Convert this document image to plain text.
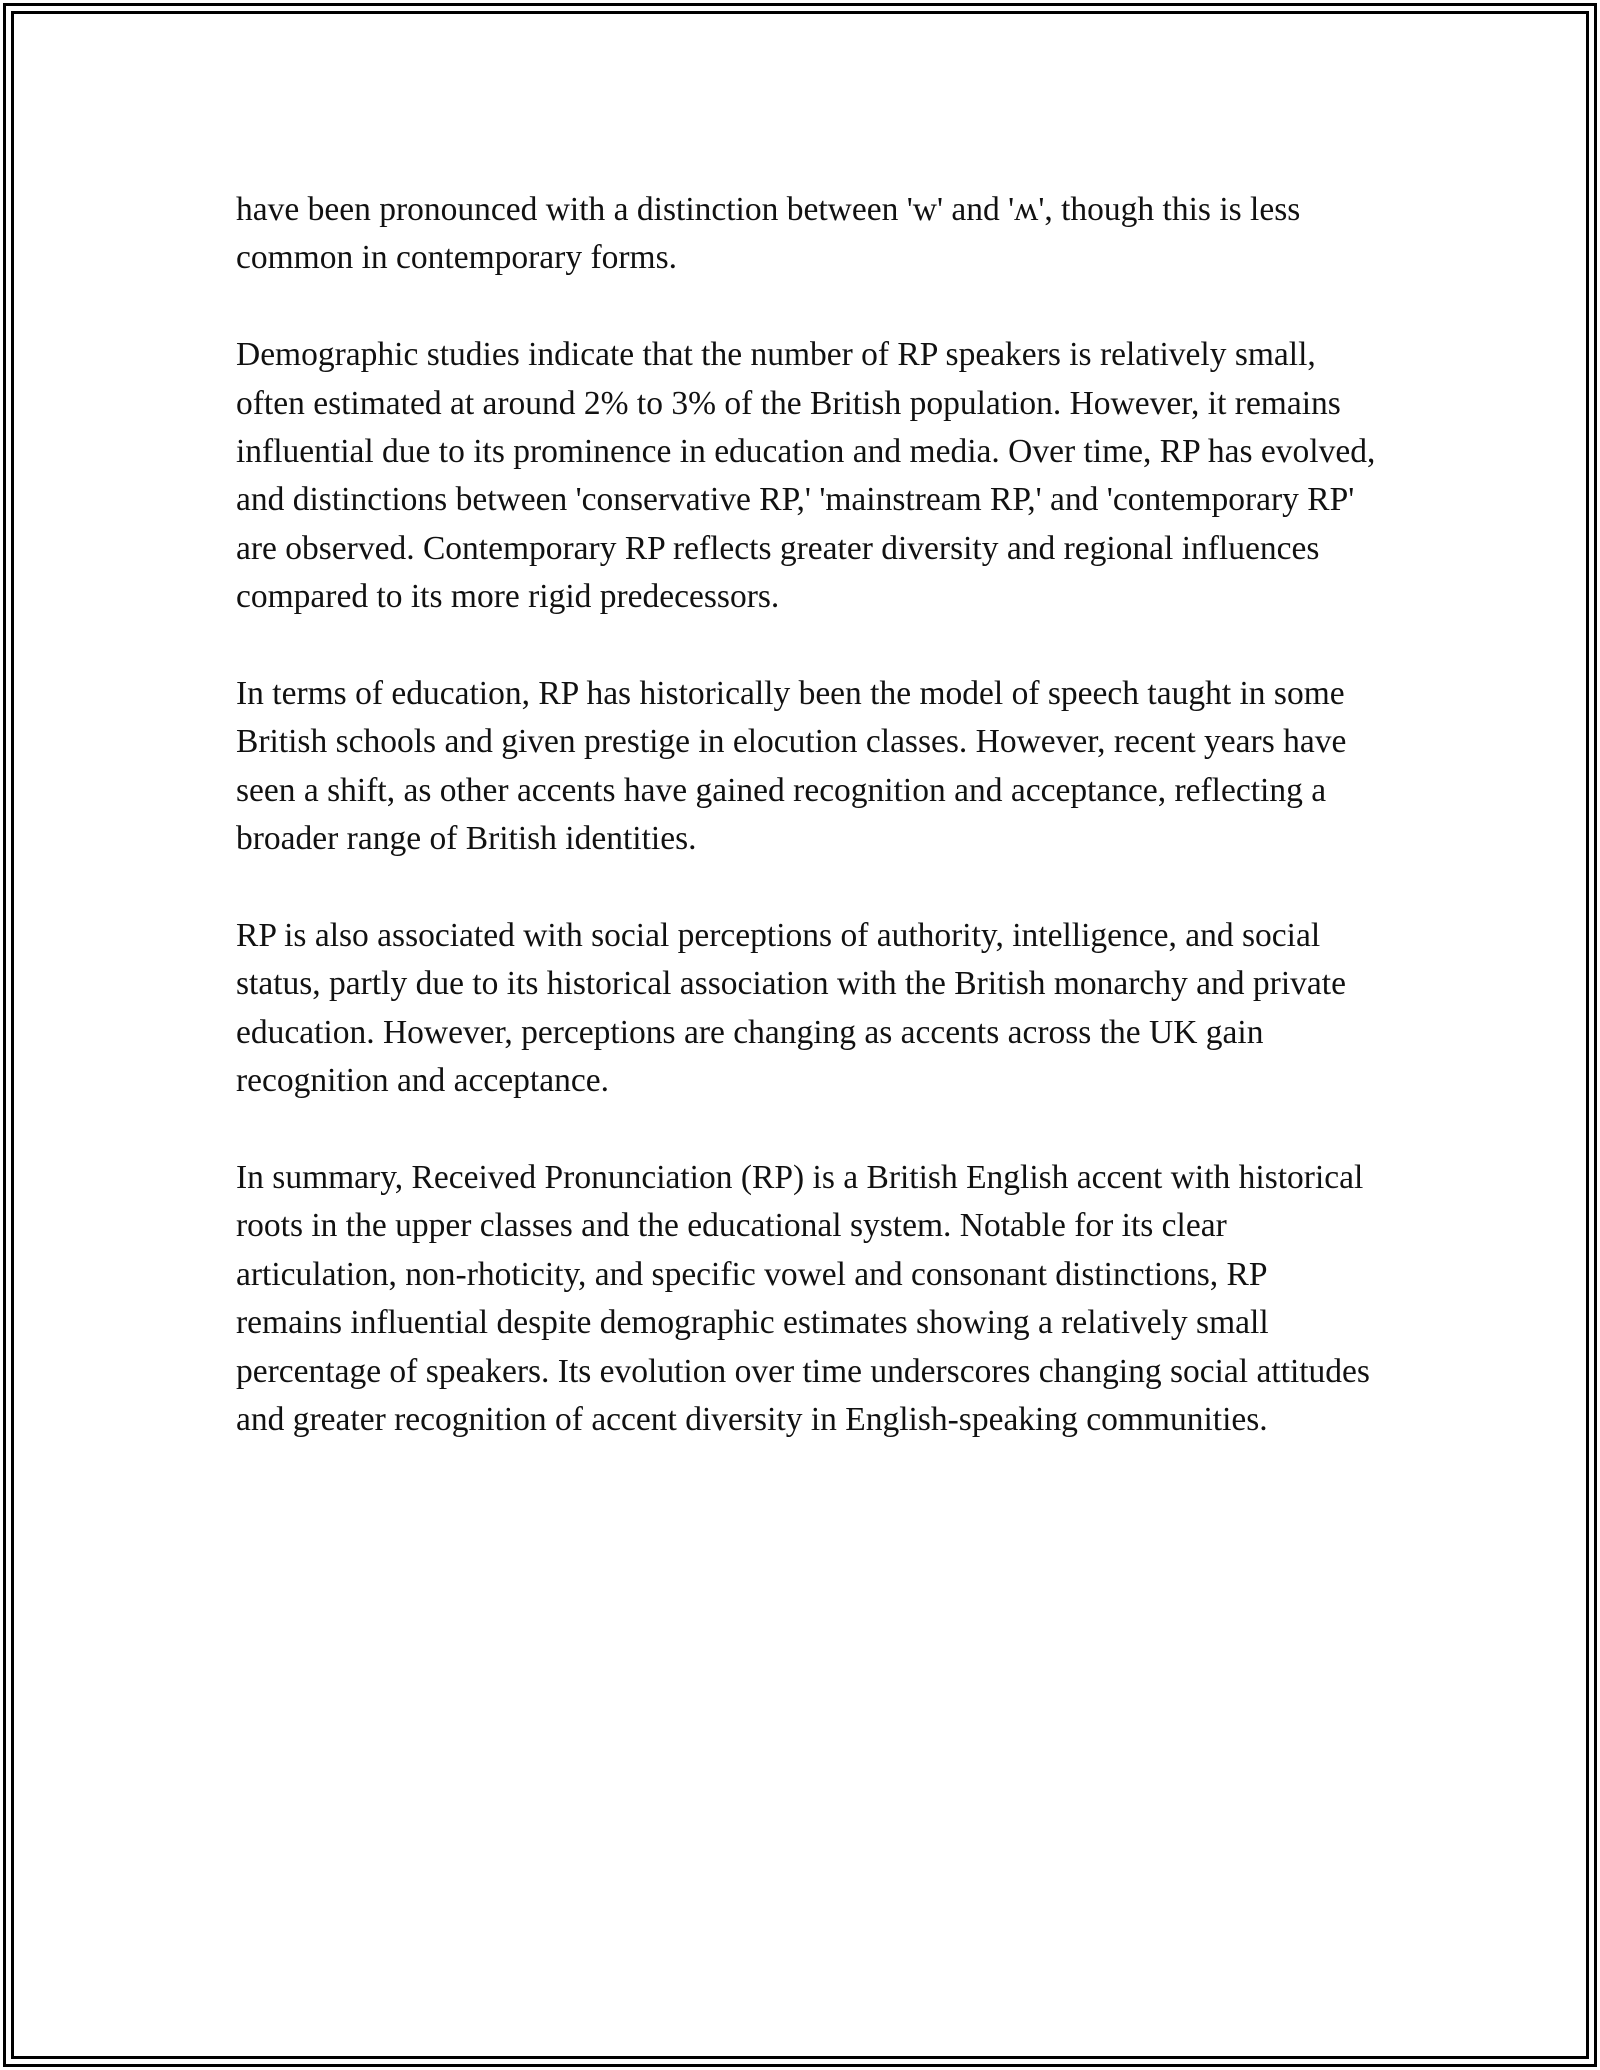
have been pronounced with a distinction between 'w' and 'ʍ', though this is less common in contemporary forms.

Demographic studies indicate that the number of RP speakers is relatively small, often estimated at around 2% to 3% of the British population. However, it remains influential due to its prominence in education and media. Over time, RP has evolved, and distinctions between 'conservative RP,' 'mainstream RP,' and 'contemporary RP' are observed. Contemporary RP reflects greater diversity and regional influences compared to its more rigid predecessors.

In terms of education, RP has historically been the model of speech taught in some British schools and given prestige in elocution classes. However, recent years have seen a shift, as other accents have gained recognition and acceptance, reflecting a broader range of British identities.

RP is also associated with social perceptions of authority, intelligence, and social status, partly due to its historical association with the British monarchy and private education. However, perceptions are changing as accents across the UK gain recognition and acceptance.

In summary, Received Pronunciation (RP) is a British English accent with historical roots in the upper classes and the educational system. Notable for its clear articulation, non-rhoticity, and specific vowel and consonant distinctions, RP remains influential despite demographic estimates showing a relatively small percentage of speakers. Its evolution over time underscores changing social attitudes and greater recognition of accent diversity in English-speaking communities.
